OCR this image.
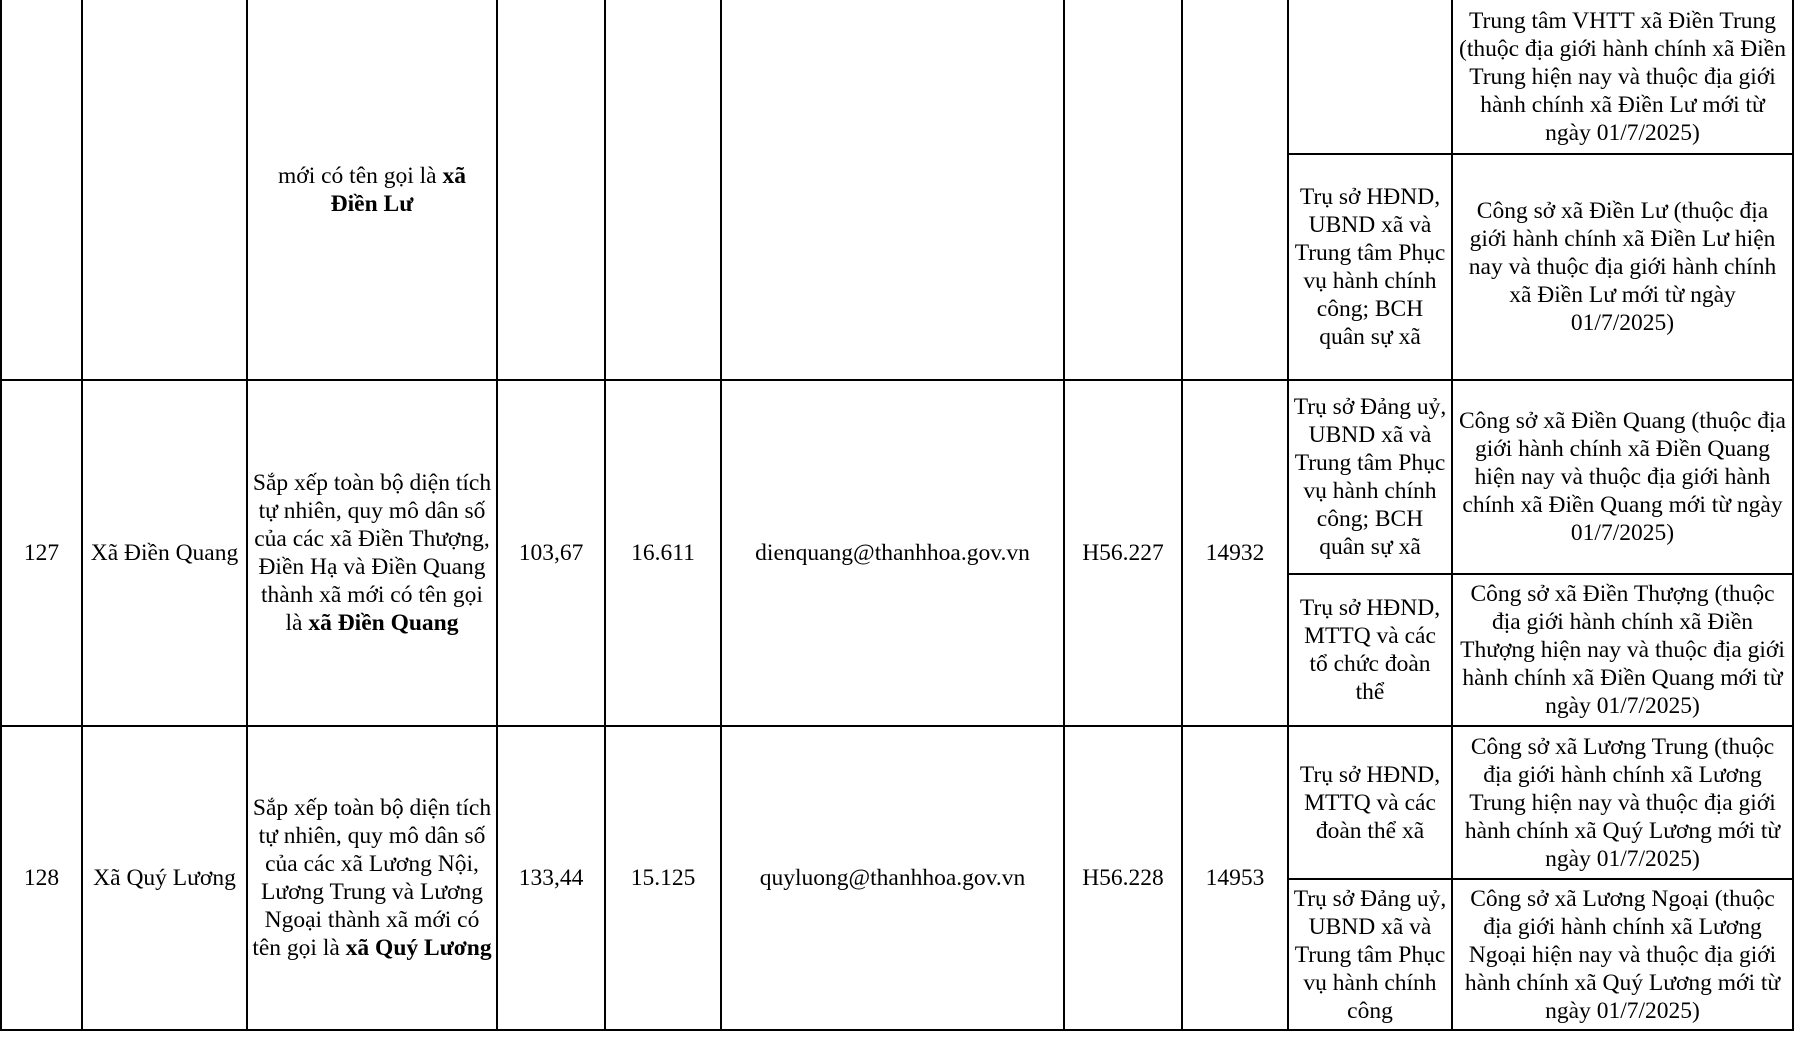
		mới có tên gọi là xã Điền Lư							Trung tâm VHTT xã Điền Trung (thuộc địa giới hành chính xã Điền Trung hiện nay và thuộc địa giới hành chính xã Điền Lư mới từ ngày 01/7/2025)
								Trụ sở HĐND, UBND xã và Trung tâm Phục vụ hành chính công; BCH quân sự xã	Công sở xã Điền Lư (thuộc địa giới hành chính xã Điền Lư hiện nay và thuộc địa giới hành chính xã Điền Lư mới từ ngày 01/7/2025)
127	Xã Điền Quang	Sắp xếp toàn bộ diện tích tự nhiên, quy mô dân số của các xã Điền Thượng, Điền Hạ và Điền Quang thành xã mới có tên gọi là xã Điền Quang	103,67	16.611	dienquang@thanhhoa.gov.vn	H56.227	14932	Trụ sở Đảng uỷ, UBND xã và Trung tâm Phục vụ hành chính công; BCH quân sự xã	Công sở xã Điền Quang (thuộc địa giới hành chính xã Điền Quang hiện nay và thuộc địa giới hành chính xã Điền Quang mới từ ngày 01/7/2025)
								Trụ sở HĐND, MTTQ và các tổ chức đoàn thể	Công sở xã Điền Thượng (thuộc địa giới hành chính xã Điền Thượng hiện nay và thuộc địa giới hành chính xã Điền Quang mới từ ngày 01/7/2025)
128	Xã Quý Lương	Sắp xếp toàn bộ diện tích tự nhiên, quy mô dân số của các xã Lương Nội, Lương Trung và Lương Ngoại thành xã mới có tên gọi là xã Quý Lương	133,44	15.125	quyluong@thanhhoa.gov.vn	H56.228	14953	Trụ sở HĐND, MTTQ và các đoàn thể xã	Công sở xã Lương Trung (thuộc địa giới hành chính xã Lương Trung hiện nay và thuộc địa giới hành chính xã Quý Lương mới từ ngày 01/7/2025)
								Trụ sở Đảng uỷ, UBND xã và Trung tâm Phục vụ hành chính công	Công sở xã Lương Ngoại (thuộc địa giới hành chính xã Lương Ngoại hiện nay và thuộc địa giới hành chính xã Quý Lương mới từ ngày 01/7/2025)
